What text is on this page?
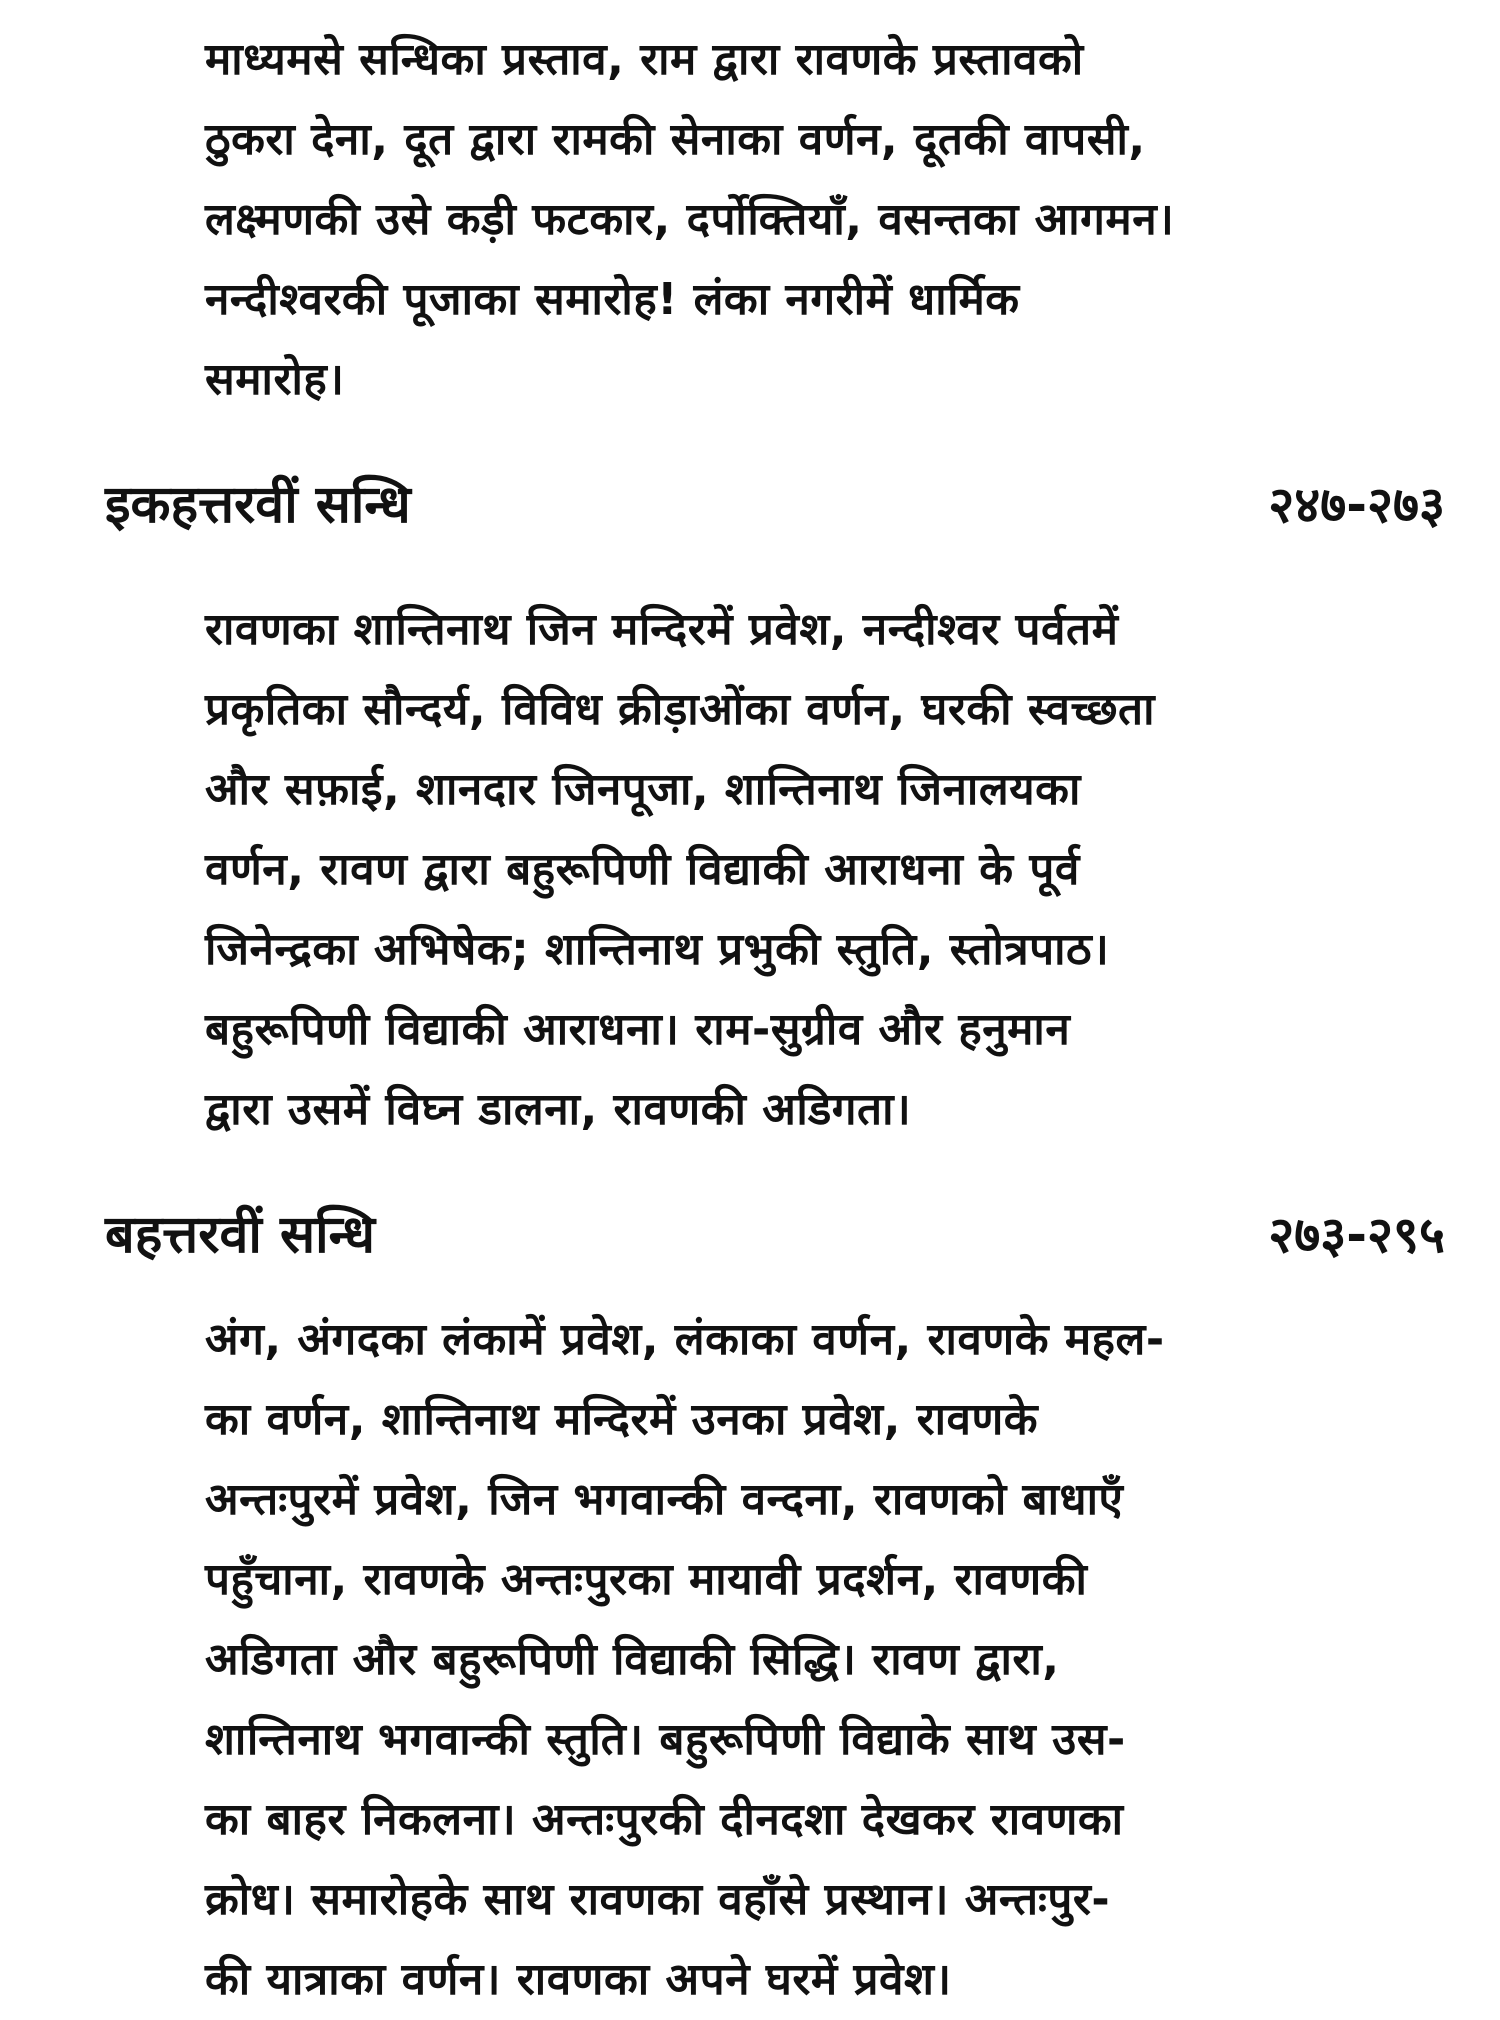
माध्यमसे सन्धिका प्रस्ताव, राम द्वारा रावणके प्रस्तावको
ठुकरा देना, दूत द्वारा रामकी सेनाका वर्णन, दूतकी वापसी,
लक्ष्मणकी उसे कड़ी फटकार, दर्पोक्तियाँ, वसन्तका आगमन।
नन्दीश्वरकी पूजाका समारोह! लंका नगरीमें धार्मिक
समारोह।
इकहत्तरवीं सन्धि	२४७-२७३
रावणका शान्तिनाथ जिन मन्दिरमें प्रवेश, नन्दीश्वर पर्वतमें
प्रकृतिका सौन्दर्य, विविध क्रीड़ाओंका वर्णन, घरकी स्वच्छता
और सफ़ाई, शानदार जिनपूजा, शान्तिनाथ जिनालयका
वर्णन, रावण द्वारा बहुरूपिणी विद्याकी आराधना के पूर्व
जिनेन्द्रका अभिषेक; शान्तिनाथ प्रभुकी स्तुति, स्तोत्रपाठ।
बहुरूपिणी विद्याकी आराधना। राम-सुग्रीव और हनुमान
द्वारा उसमें विघ्न डालना, रावणकी अडिगता।
बहत्तरवीं सन्धि	२७३-२९५
अंग, अंगदका लंकामें प्रवेश, लंकाका वर्णन, रावणके महल-
का वर्णन, शान्तिनाथ मन्दिरमें उनका प्रवेश, रावणके
अन्तःपुरमें प्रवेश, जिन भगवान्की वन्दना, रावणको बाधाएँ
पहुँचाना, रावणके अन्तःपुरका मायावी प्रदर्शन, रावणकी
अडिगता और बहुरूपिणी विद्याकी सिद्धि। रावण द्वारा,
शान्तिनाथ भगवान्की स्तुति। बहुरूपिणी विद्याके साथ उस-
का बाहर निकलना। अन्तःपुरकी दीनदशा देखकर रावणका
क्रोध। समारोहके साथ रावणका वहाँसे प्रस्थान। अन्तःपुर-
की यात्राका वर्णन। रावणका अपने घरमें प्रवेश।
